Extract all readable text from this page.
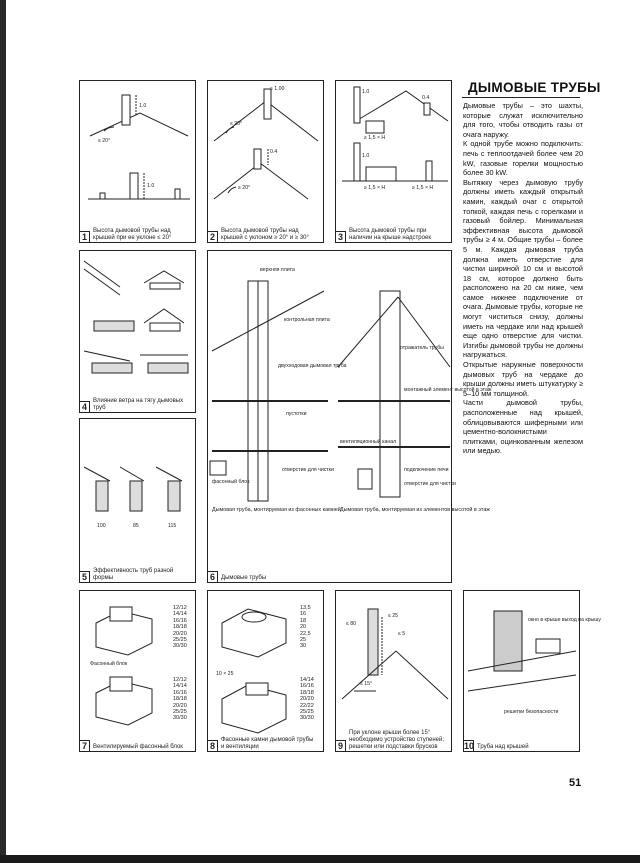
1.0
≤ 20°
1.0
1
Высота дымовой трубы над крышей при ее уклоне ≤ 20°
≥ 1.00
≤ 20°
0.4
≥ 20°
2
Высота дымовой трубы над крышей с уклоном ≥ 20° и ≥ 30°
1.0
0.4
≥ 1,5 × H
≥ 1,5 × H
1.0
≥ 1,5 × H
3
Высота дымовой трубы при наличии на крыше надстроек
4
Влияние ветра на тягу дымовых труб
100	85	115
5
Эффективность труб разной формы
верхняя плита
контрольная плита
двухходовая дымовая труба
пустотки
фасонный блок
отверстие для чистки
отражатель трубы
монтажный элемент высотой в этаж
вентиляционный канал
подключение печи
отверстие для чистки
Дымовая труба, монтируемая из фасонных камней Дымовая труба, монтируемая из элементов высотой в этаж
6	Дымовые трубы
Фасонный блок
12/12
14/14
16/16
18/18
20/20
25/25
30/30
12/12
14/14
16/16
18/18
20/20
25/25
30/30
7	Вентилируемый фасонный блок
10 × 25
13,5
16
18
20
22,5
25
30
14/14
16/16
18/18
20/20
22/22
25/25
30/30
8
Фасонные камни дымовой трубы и вентиляции
≤ 80
≤ 25
≤ 5
≤ 15°
9
При уклоне крыши более 15° необходимо устройство ступеней; решетки или подставки брусков
окно в крыше выход на крышу
решетки безопасности
10 Труба над крышей
ДЫМОВЫЕ ТРУБЫ

Дымовые трубы – это шахты, которые служат исключительно для того, чтобы отводить газы от очага наружу.

К одной трубе можно подключить: печь с теплоотдачей более чем 20 kW, газовые горелки мощностью более 30 kW.

Вытяжку через дымовую трубу должны иметь каждый открытый камин, каждый очаг с открытой топкой, каждая печь с горелками и газовый бойлер. Минимальная эффективная высота дымовой трубы ≥ 4 м. Общие трубы – более 5 м. Каждая дымовая труба должна иметь отверстие для чистки шириной 10 см и высотой 18 см, которое должно быть расположено на 20 см ниже, чем самое нижнее подключение от очага. Дымовые трубы, которые не могут чиститься снизу, должны иметь на чердаке или над крышей еще одно отверстие для чистки. Изгибы дымовой трубы не должны нагружаться.

Открытые наружные поверхности дымовых труб на чердаке до крыши должны иметь штукатурку ≥ 5–10 мм толщиной.

Части дымовой трубы, расположенные над крышей, облицовываются шиферными или цементно-волокнистыми плитками, оцинкованным железом или медью.

51
